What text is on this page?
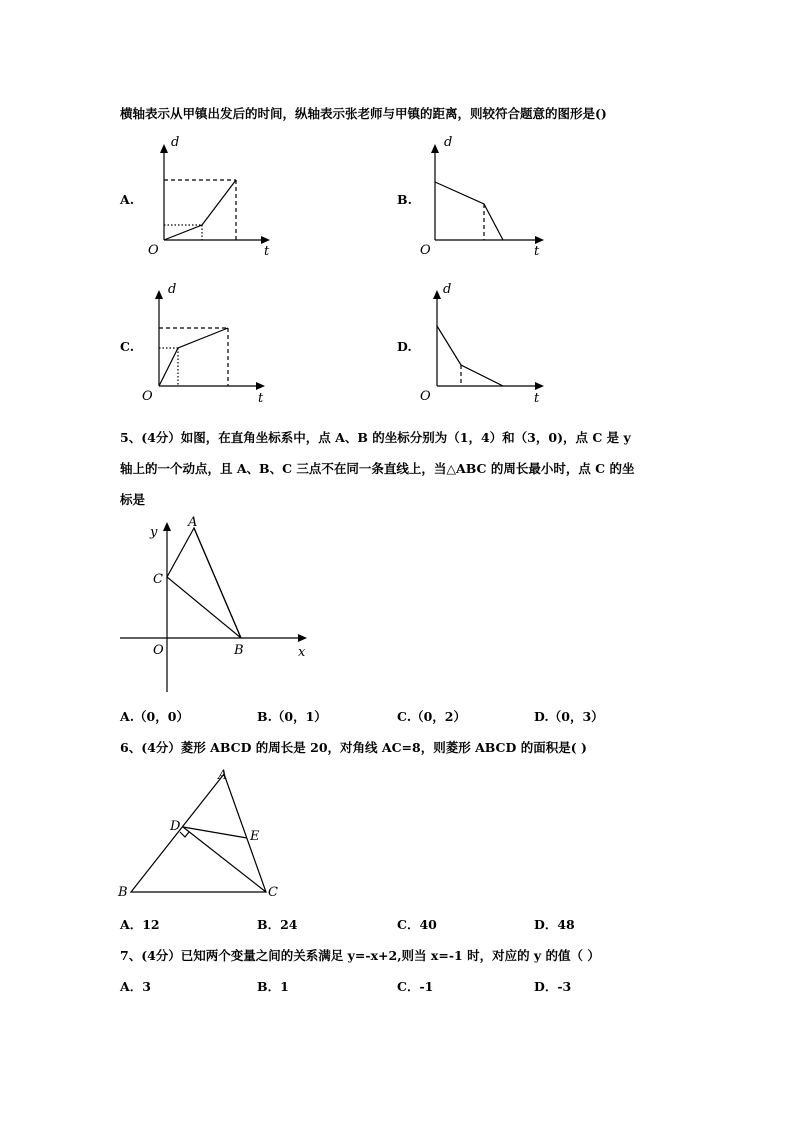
横轴表示从甲镇出发后的时间，纵轴表示张老师与甲镇的距离，则较符合题意的图形是()
A.
d
t
O
B.
d
t
O
C.
d
t
O
D.
d
t
O
5、(4分）如图，在直角坐标系中，点 A、B 的坐标分别为（1，4）和（3，0)，点 C 是 y
轴上的一个动点，且 A、B、C 三点不在同一条直线上，当△ABC 的周长最小时，点 C 的坐
标是
y
A
C
O	B	x
A.（0，0）	B.（0，1）	C.（0，2）	D.（0，3）
6、(4分）菱形 ABCD 的周长是 20，对角线 AC=8，则菱形 ABCD 的面积是( )
A
D
E
B	C
A．12	B．24	C．40	D．48
7、(4分）已知两个变量之间的关系满足 y=-x+2,则当 x=-1 时，对应的 y 的值（ ）
A．3	B．1	C．-1	D．-3
